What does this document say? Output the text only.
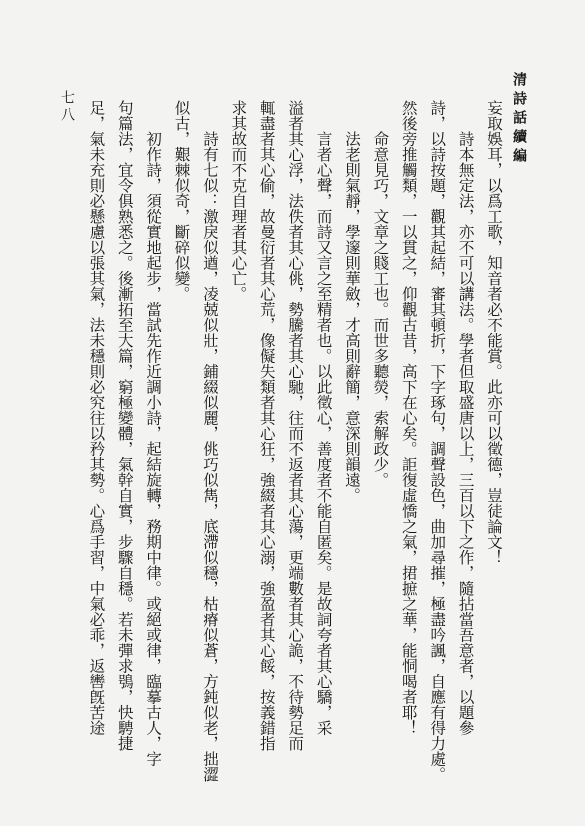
清詩話續編
七八	妄取娛耳，以爲工歌，知音者必不能賞。此亦可以徵德，豈徒論文！
詩本無定法，亦不可以講法。學者但取盛唐以上，三百以下之作，隨拈當吾意者，以題參
詩，以詩按題，觀其起結，審其頓折，下字琢句，調聲設色，曲加尋摧，極盡吟諷，自應有得力處。
然後旁推觸類，一以貫之，仰觀古昔，高下在心矣。詎復虛憍之氣，捃摭之華，能恫喝者耶！
命意見巧，文章之賤工也。而世多聽熒，索解政少。
法老則氣靜，學邃則華斂，才高則辭簡，意深則韻遠。
言者心聲，而詩又言之至精者也。以此徵心，善度者不能自匿矣。是故詞夸者其心驕，采
溢者其心浮，法佚者其心佻，勢騰者其心馳，往而不返者其心蕩，更端數者其心詭，不待勢足而
輒盡者其心偷，故曼衍者其心荒，像儗失類者其心狂，強綴者其心溺，強盈者其心餒，按義錯指
求其故而不克自理者其心亡。
詩有七似：激戾似遒，凌兢似壯，鋪綴似麗，佻巧似雋，底滯似穩，枯瘠似蒼，方鈍似老，拙澀
似古，艱棘似奇，斷碎似變。
初作詩，須從實地起步，當試先作近調小詩，起結旋轉，務期中律。或絕或律，臨摹古人，字
句篇法，宜令俱熟悉之。後漸拓至大篇，窮極變體，氣幹自實，步驟自穩。若未彈求鴞，快騁捷
足，氣未充則必懸慮以張其氣，法未穩則必究往以矜其勢。心爲手習，中氣必乖，返轡旣苦途
